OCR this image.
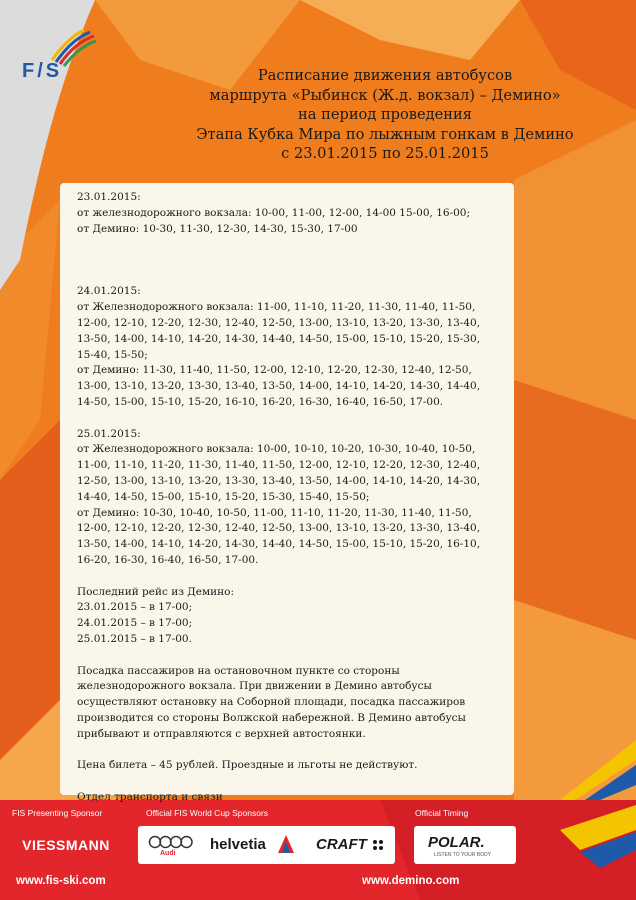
F/S	Расписание движения автобусов
маршрута «Рыбинск (Ж.д. вокзал) – Демино»
на период проведения
Этапа Кубка Мира по лыжным гонкам в Демино
с 23.01.2015 по 25.01.2015
23.01.2015:
от железнодорожного вокзала: 10-00, 11-00, 12-00, 14-00 15-00, 16-00;
от Демино: 10-30, 11-30, 12-30, 14-30, 15-30, 17-00
24.01.2015:
от Железнодорожного вокзала: 11-00, 11-10, 11-20, 11-30, 11-40, 11-50,
12-00, 12-10, 12-20, 12-30, 12-40, 12-50, 13-00, 13-10, 13-20, 13-30, 13-40,
13-50, 14-00, 14-10, 14-20, 14-30, 14-40, 14-50, 15-00, 15-10, 15-20, 15-30,
15-40, 15-50;
от Демино: 11-30, 11-40, 11-50, 12-00, 12-10, 12-20, 12-30, 12-40, 12-50,
13-00, 13-10, 13-20, 13-30, 13-40, 13-50, 14-00, 14-10, 14-20, 14-30, 14-40,
14-50, 15-00, 15-10, 15-20, 16-10, 16-20, 16-30, 16-40, 16-50, 17-00.
25.01.2015:
от Железнодорожного вокзала: 10-00, 10-10, 10-20, 10-30, 10-40, 10-50,
11-00, 11-10, 11-20, 11-30, 11-40, 11-50, 12-00, 12-10, 12-20, 12-30, 12-40,
12-50, 13-00, 13-10, 13-20, 13-30, 13-40, 13-50, 14-00, 14-10, 14-20, 14-30,
14-40, 14-50, 15-00, 15-10, 15-20, 15-30, 15-40, 15-50;
от Демино: 10-30, 10-40, 10-50, 11-00, 11-10, 11-20, 11-30, 11-40, 11-50,
12-00, 12-10, 12-20, 12-30, 12-40, 12-50, 13-00, 13-10, 13-20, 13-30, 13-40,
13-50, 14-00, 14-10, 14-20, 14-30, 14-40, 14-50, 15-00, 15-10, 15-20, 16-10,
16-20, 16-30, 16-40, 16-50, 17-00.
Последний рейс из Демино:
23.01.2015 – в 17-00;
24.01.2015 – в 17-00;
25.01.2015 – в 17-00.
Посадка пассажиров на остановочном пункте со стороны
железнодорожного вокзала. При движении в Демино автобусы
осуществляют остановку на Соборной площади, посадка пассажиров
производится со стороны Волжской набережной. В Демино автобусы
прибывают и отправляются с верхней автостоянки.
Цена билета – 45 рублей. Проездные и льготы не действуют.
Отдел транспорта и связи
FIS Presenting Sponsor	Official FIS World Cup Sponsors	Official Timing
VIESSMANN
Audi
helvetia	CRAFT	POLAR.
LISTEN TO YOUR BODY
www.fis-ski.com	www.demino.com
